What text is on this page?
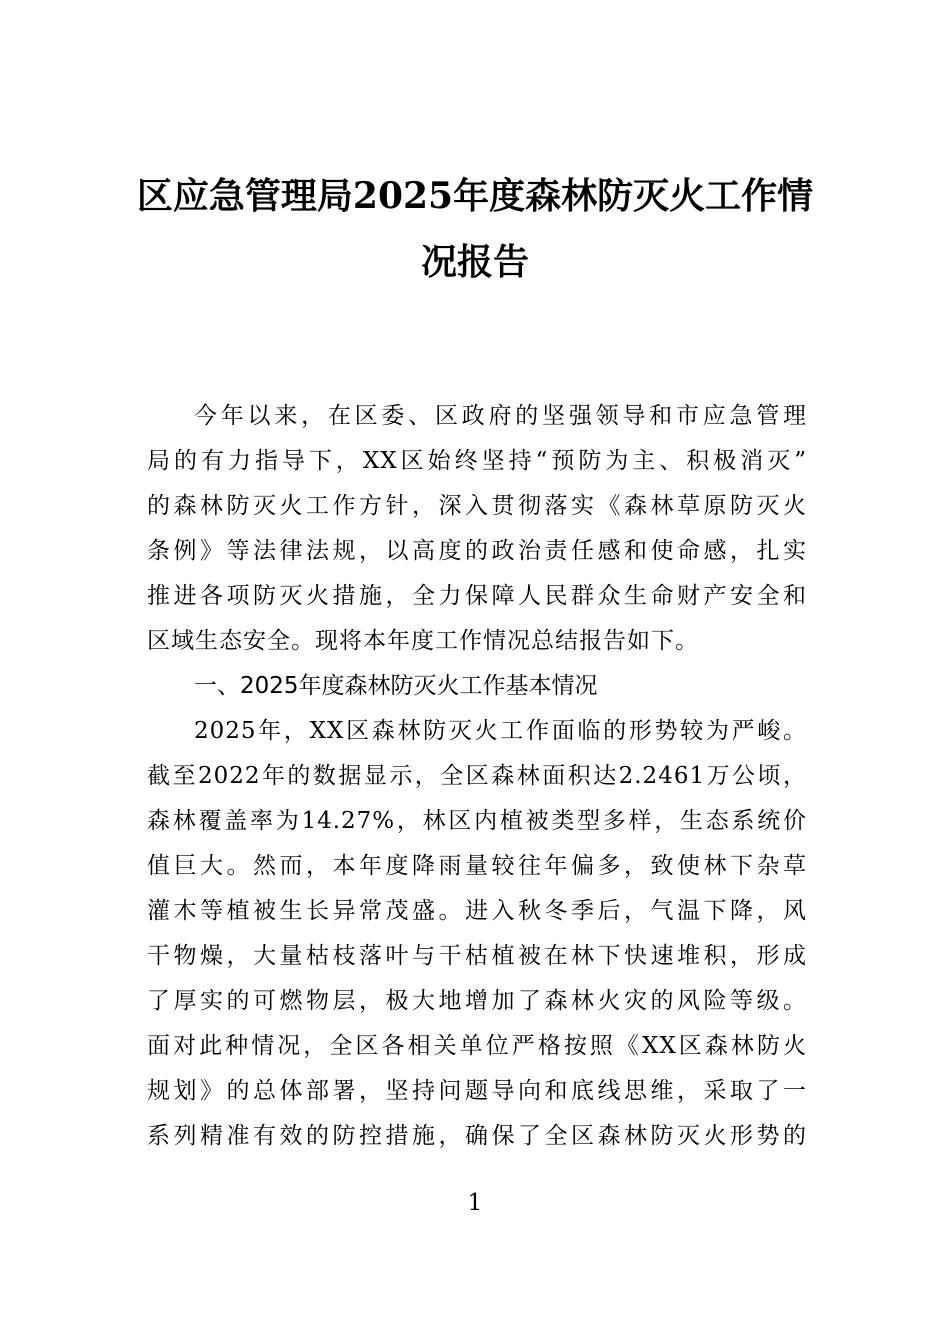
区应急管理局2025年度森林防灭火工作情
况报告
今年以来，在区委、区政府的坚强领导和市应急管理
局的有力指导下，XX区始终坚持“预防为主、积极消灭”
的森林防灭火工作方针，深入贯彻落实《森林草原防灭火
条例》等法律法规，以高度的政治责任感和使命感，扎实
推进各项防灭火措施，全力保障人民群众生命财产安全和
区域生态安全。现将本年度工作情况总结报告如下。
一、2025年度森林防灭火工作基本情况
2025年，XX区森林防灭火工作面临的形势较为严峻。
截至2022年的数据显示，全区森林面积达2.2461万公顷，
森林覆盖率为14.27%，林区内植被类型多样，生态系统价
值巨大。然而，本年度降雨量较往年偏多，致使林下杂草
灌木等植被生长异常茂盛。进入秋冬季后，气温下降，风
干物燥，大量枯枝落叶与干枯植被在林下快速堆积，形成
了厚实的可燃物层，极大地增加了森林火灾的风险等级。
面对此种情况，全区各相关单位严格按照《XX区森林防火
规划》的总体部署，坚持问题导向和底线思维，采取了一
系列精准有效的防控措施，确保了全区森林防灭火形势的
1
